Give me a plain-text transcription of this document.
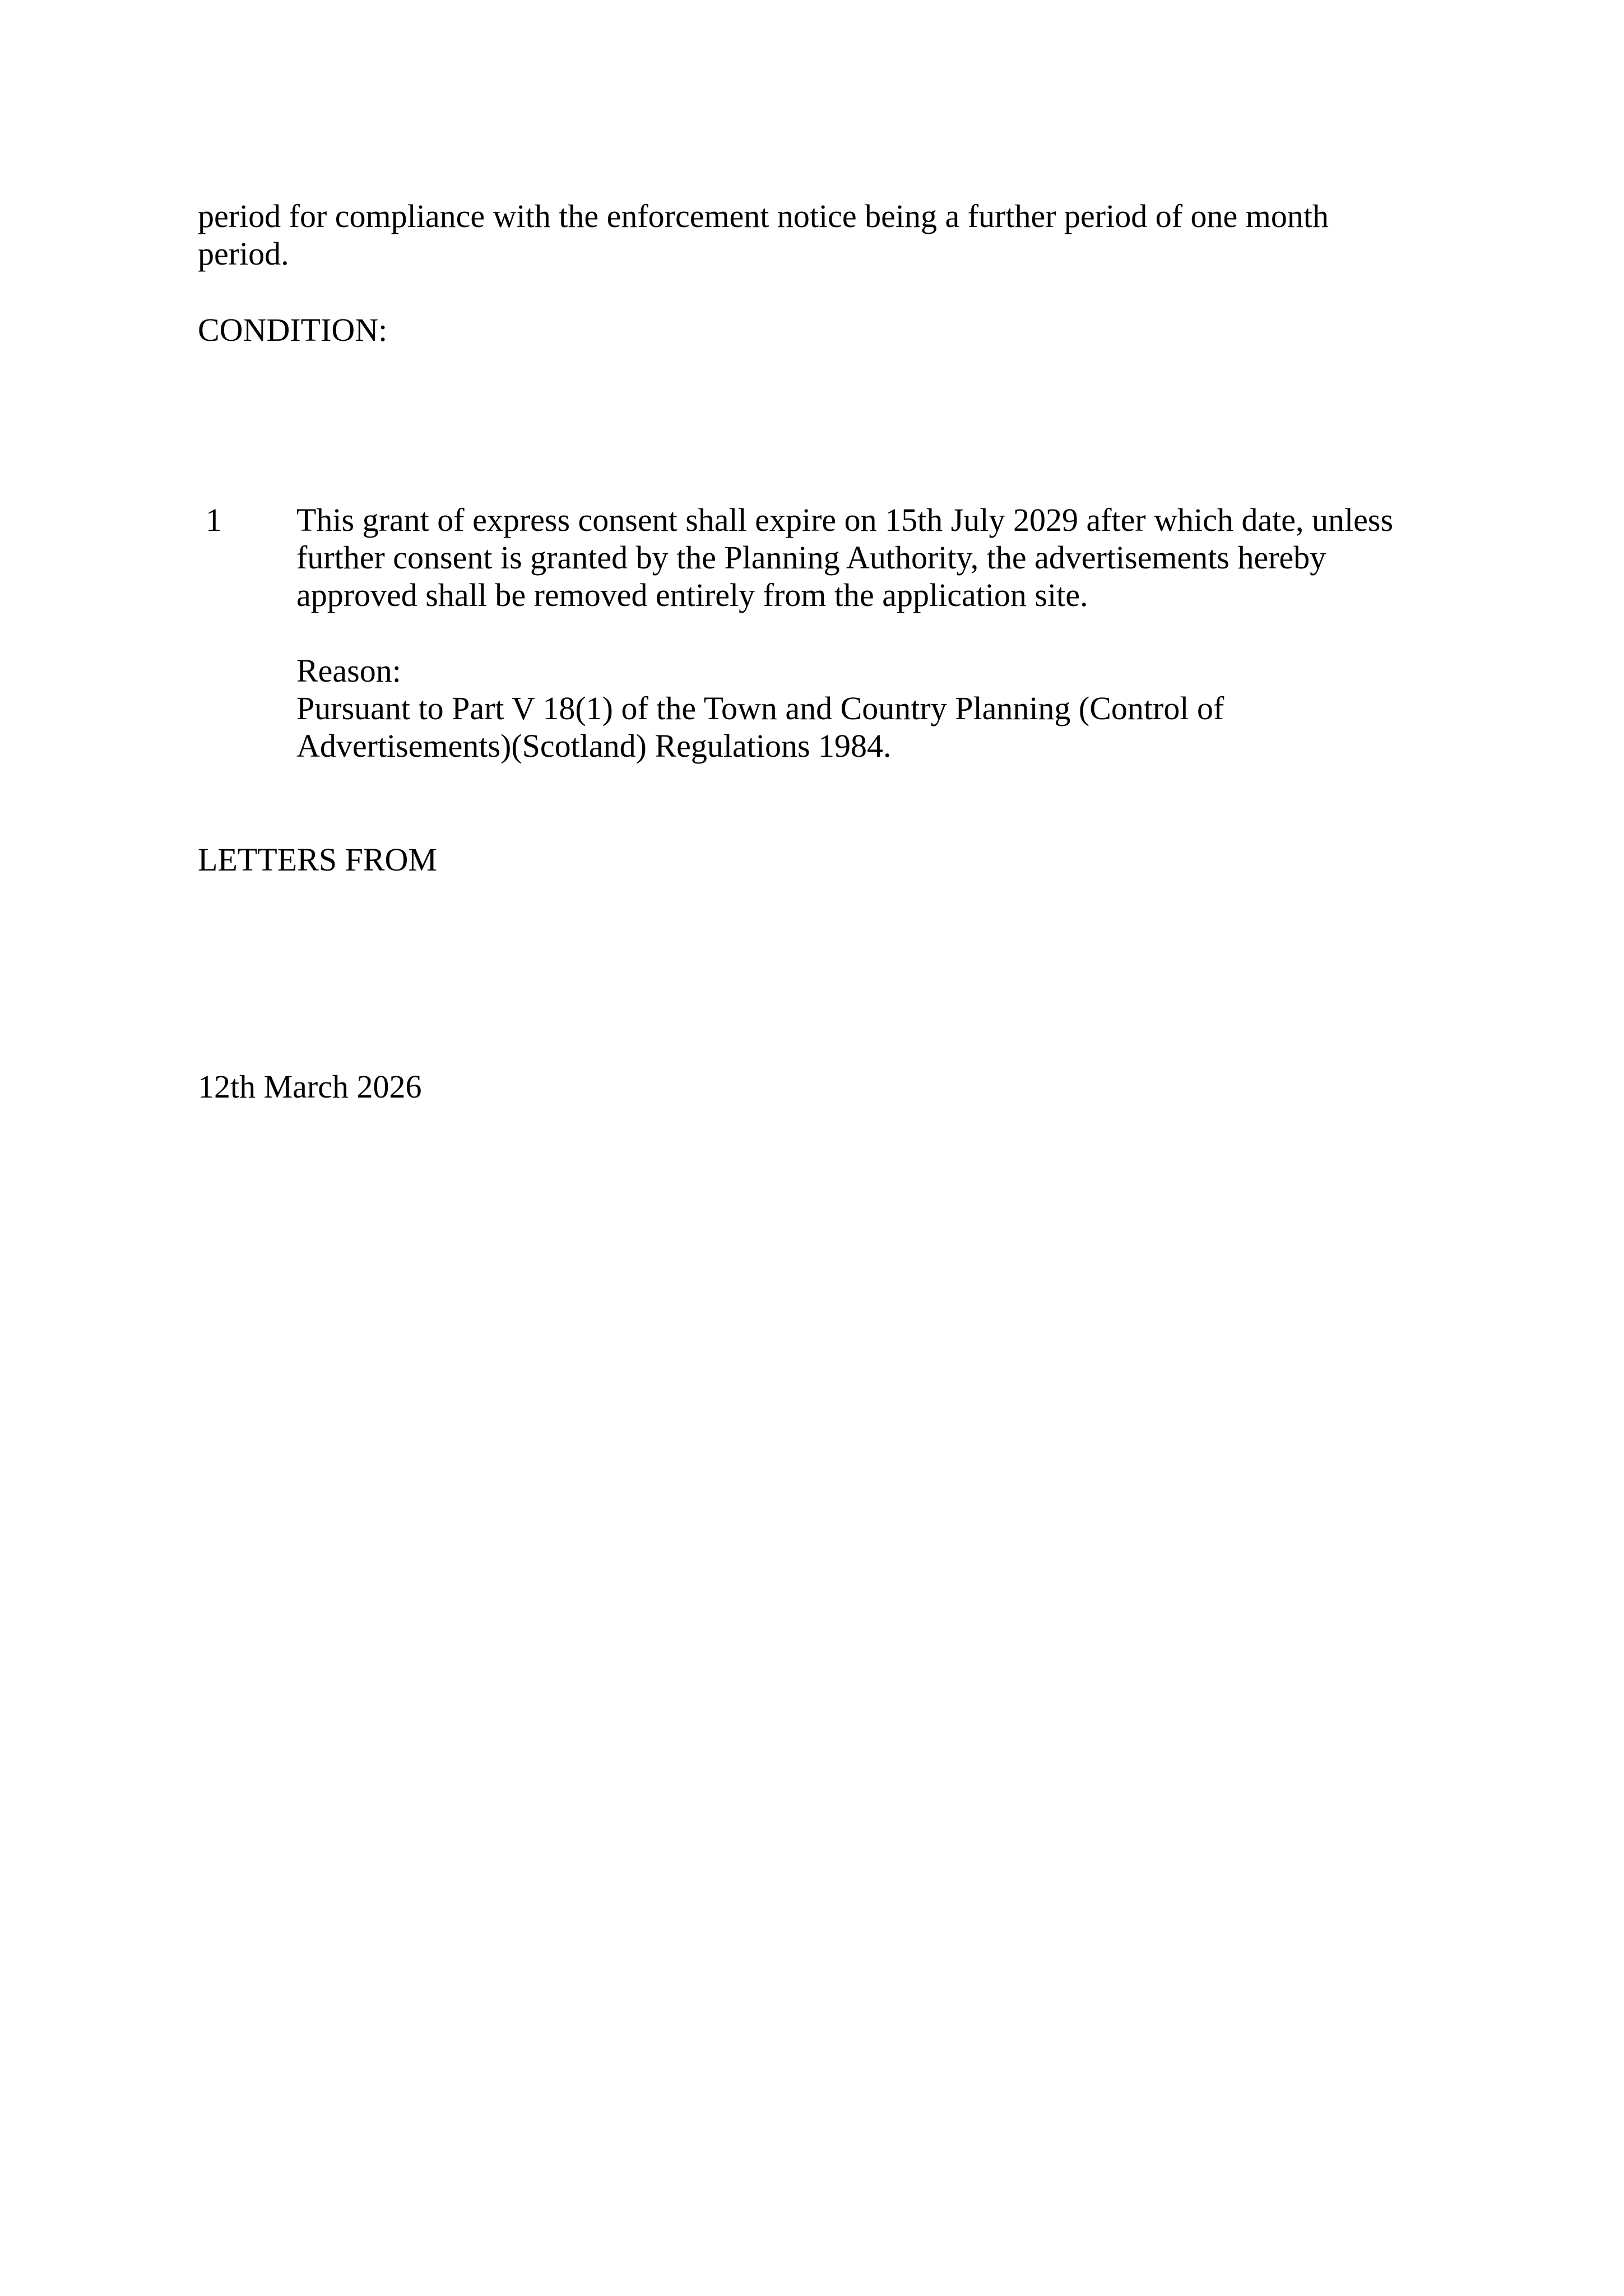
period for compliance with the enforcement notice being a further period of one month
period.
CONDITION:
1 This grant of express consent shall expire on 15th July 2029 after which date, unless
further consent is granted by the Planning Authority, the advertisements hereby
approved shall be removed entirely from the application site.
Reason:
Pursuant to Part V 18(1) of the Town and Country Planning (Control of
Advertisements)(Scotland) Regulations 1984.
LETTERS FROM
12th March 2026
